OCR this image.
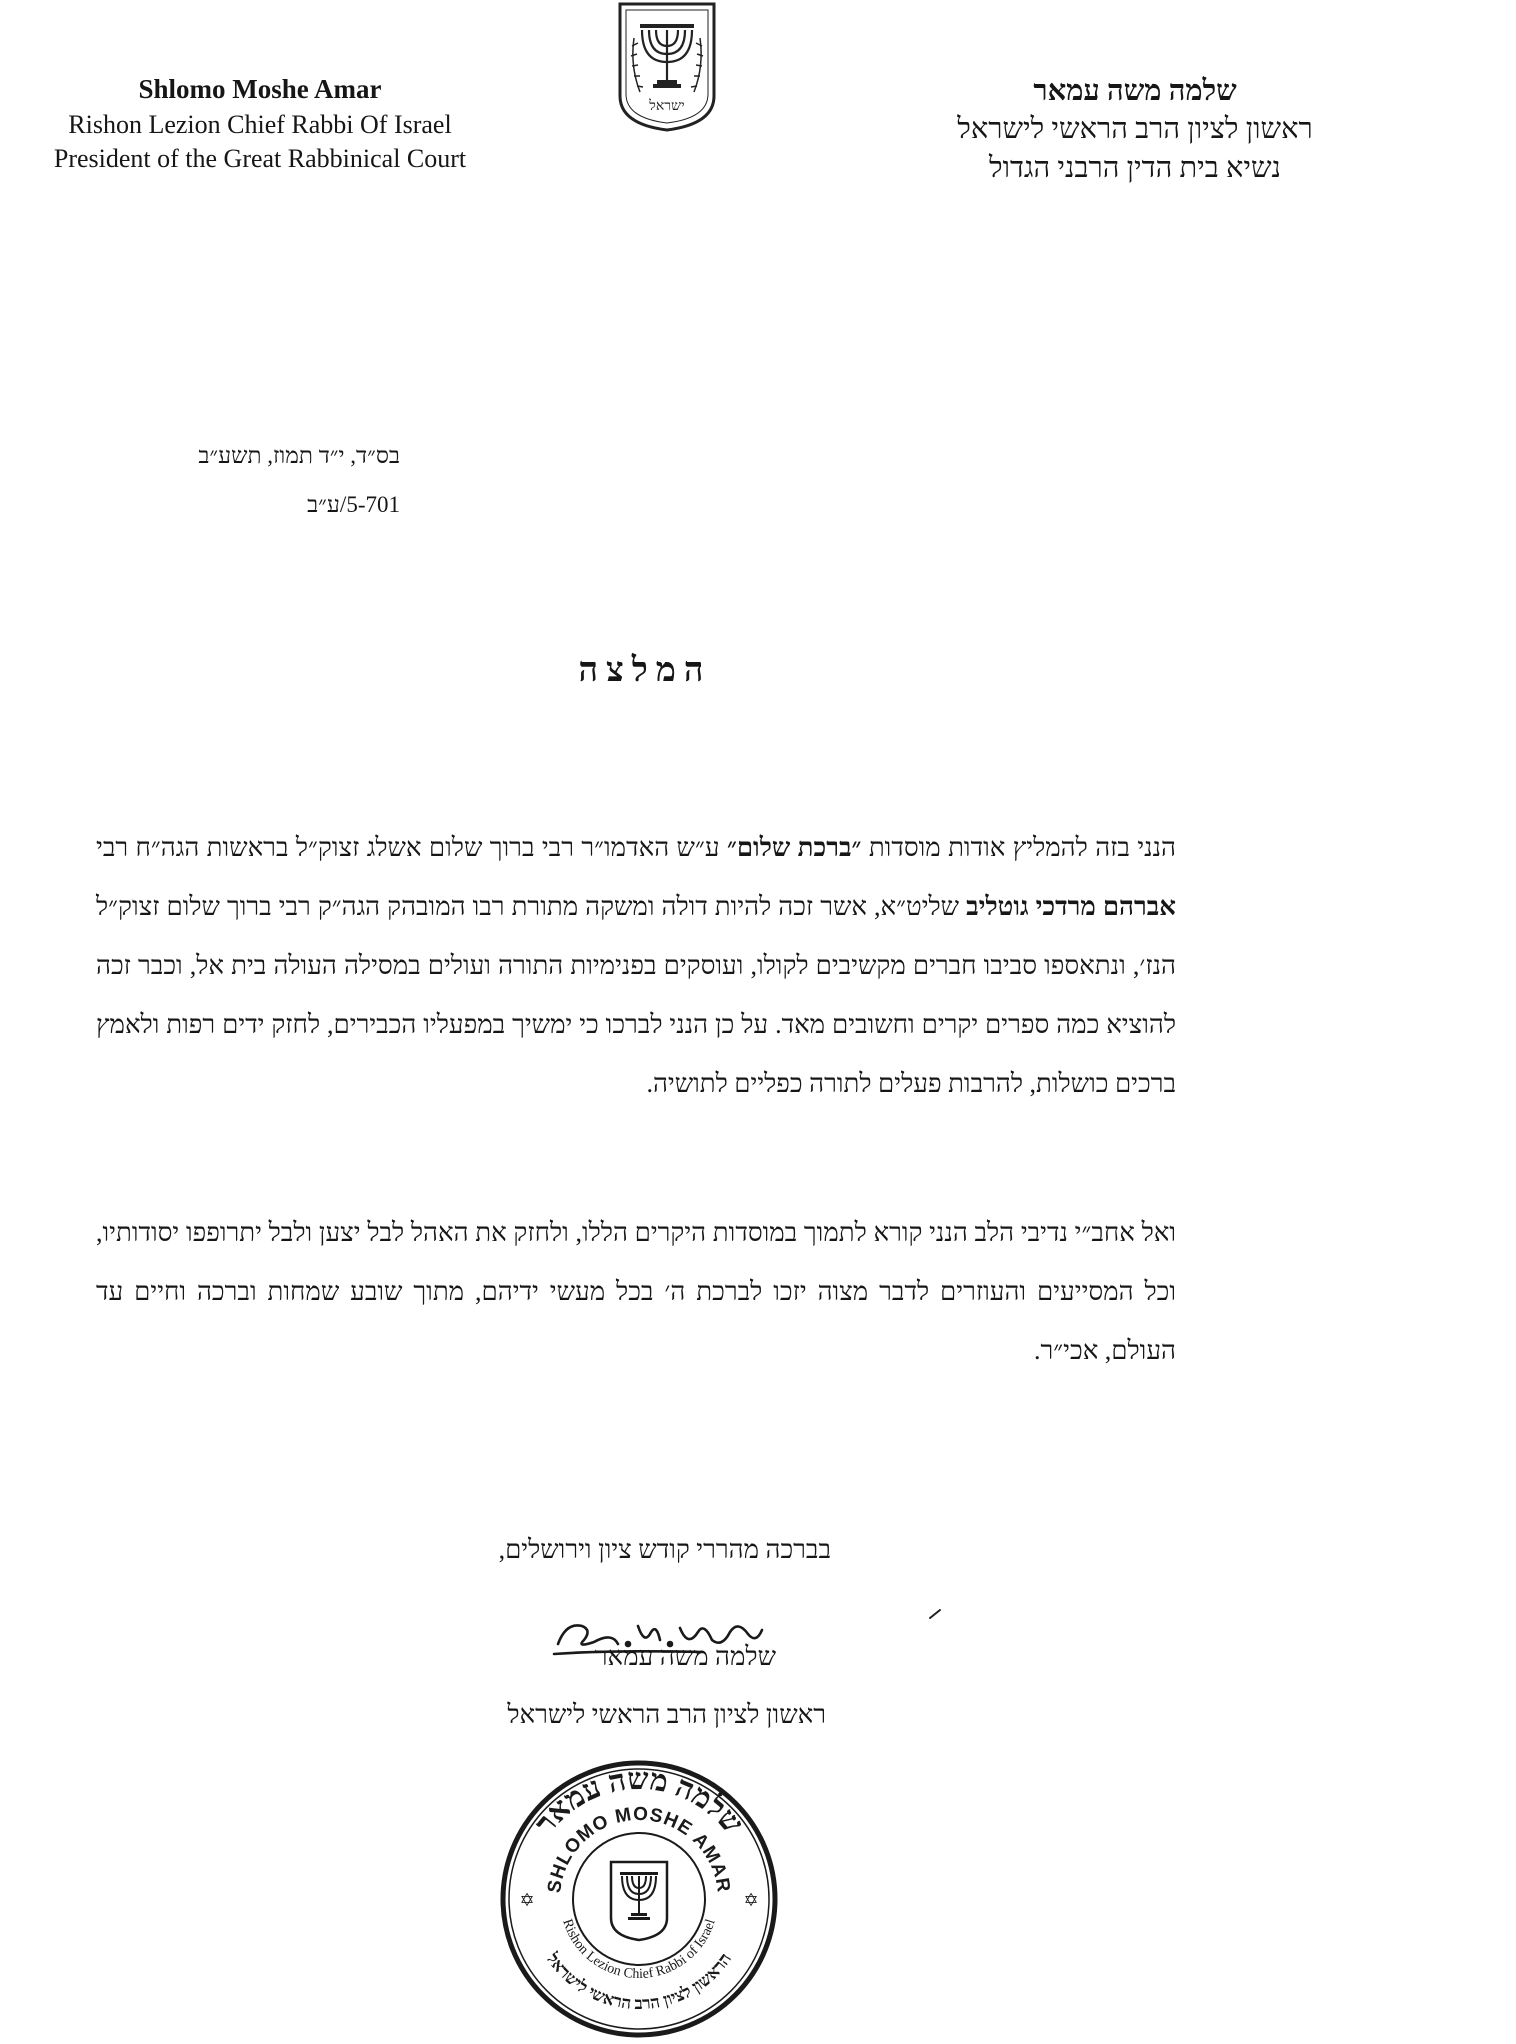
Shlomo Moshe Amar
Rishon Lezion Chief Rabbi Of Israel
President of the Great Rabbinical Court
ישראל	שלמה משה עמאר
ראשון לציון הרב הראשי לישראל
נשיא בית הדין הרבני הגדול
בס״ד, י״ד תמוז, תשע״ב
5-701/ע״ב
המלצה
הנני בזה להמליץ אודות מוסדות ״ברכת שלום״ ע״ש האדמו״ר רבי ברוך שלום אשלג זצוק״ל בראשות הגה״ח רבי אברהם מרדכי גוטליב שליט״א, אשר זכה להיות דולה ומשקה מתורת רבו המובהק הגה״ק רבי ברוך שלום זצוק״ל הנז׳, ונתאספו סביבו חברים מקשיבים לקולו, ועוסקים בפנימיות התורה ועולים במסילה העולה בית אל, וכבר זכה להוציא כמה ספרים יקרים וחשובים מאד. על כן הנני לברכו כי ימשיך במפעליו הכבירים, לחזק ידים רפות ולאמץ ברכים כושלות, להרבות פעלים לתורה כפליים לתושיה.
ואל אחב״י נדיבי הלב הנני קורא לתמוך במוסדות היקרים הללו, ולחזק את האהל לבל יצען ולבל יתרופפו יסודותיו, וכל המסייעים והעוזרים לדבר מצוה יזכו לברכת ה׳ בכל מעשי ידיהם, מתוך שובע שמחות וברכה וחיים עד העולם, אכי״ר.
בברכה מהררי קודש ציון וירושלים,
שלמה משה עמאר
ראשון לציון הרב הראשי לישראל
שלמה משה עמאר
הראשון לציון הרב הראשי לישראל
SHLOMO MOSHE AMAR
Rishon Lezion Chief Rabbi of Israel
✡	✡
